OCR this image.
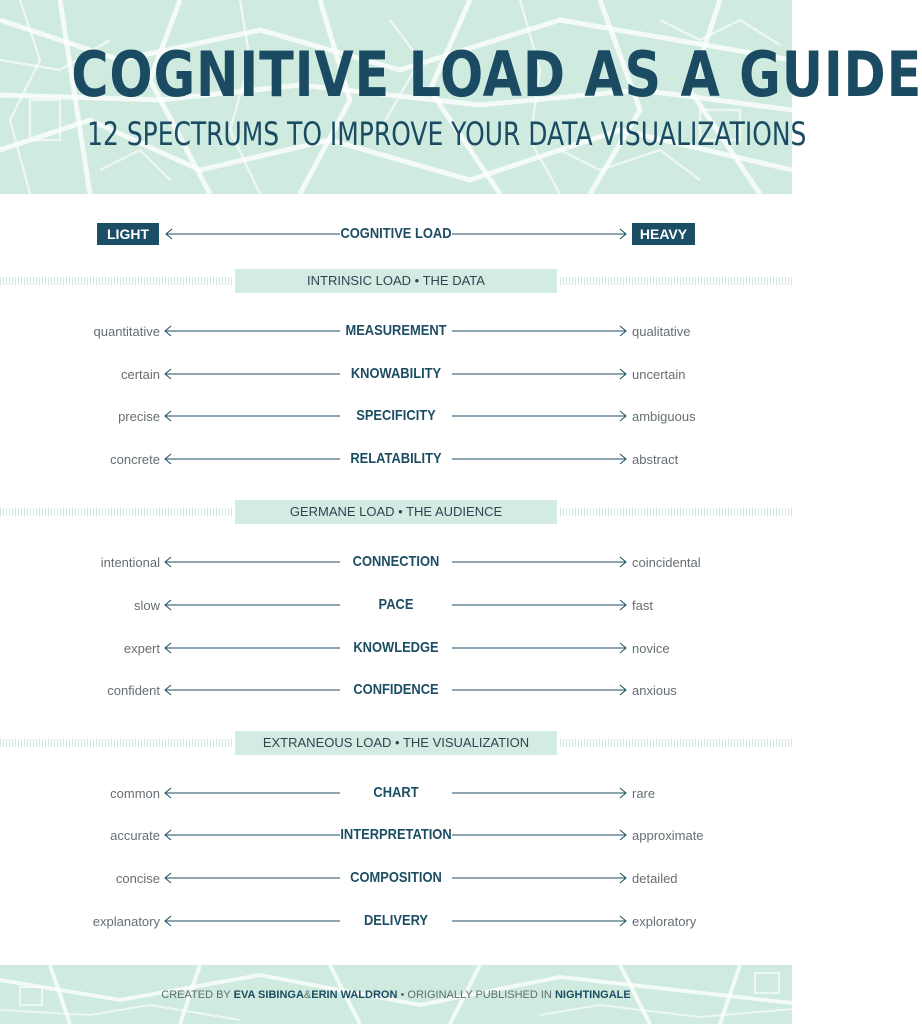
COGNITIVE LOAD AS A GUIDE
12 SPECTRUMS TO IMPROVE YOUR DATA VISUALIZATIONS
LIGHT	COGNITIVE LOAD	HEAVY
INTRINSIC LOAD • THE DATA
quantitative	MEASUREMENT	qualitative
certain	KNOWABILITY	uncertain
precise	SPECIFICITY	ambiguous
concrete	RELATABILITY	abstract
GERMANE LOAD • THE AUDIENCE
intentional	CONNECTION	coincidental
slow	PACE	fast
expert	KNOWLEDGE	novice
confident	CONFIDENCE	anxious
EXTRANEOUS LOAD • THE VISUALIZATION
common	CHART	rare
accurate	INTERPRETATION	approximate
concise	COMPOSITION	detailed
explanatory	DELIVERY	exploratory
CREATED BY EVA SIBINGA&ERIN WALDRON • ORIGINALLY PUBLISHED IN NIGHTINGALE
